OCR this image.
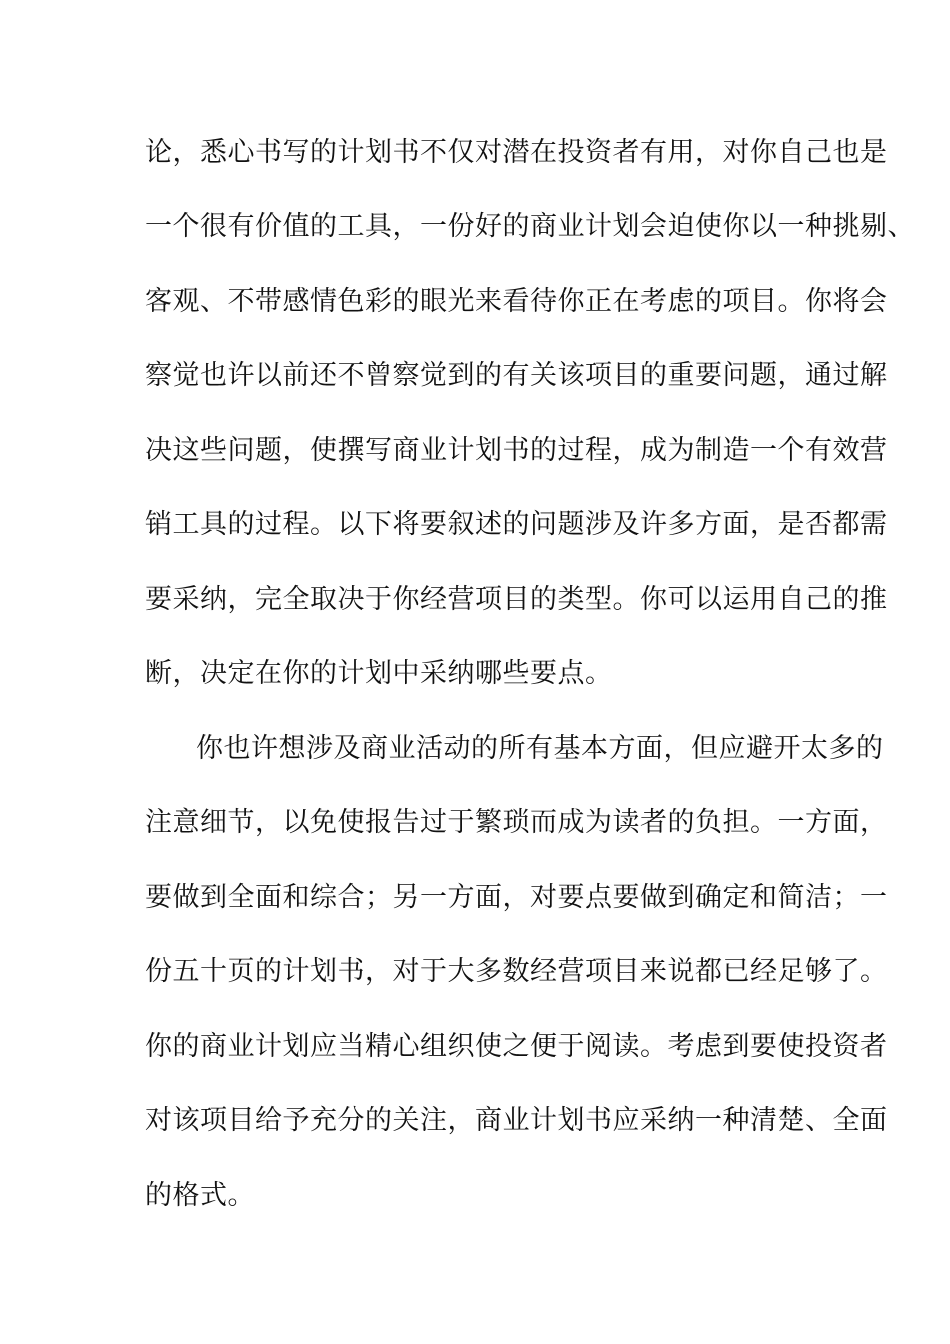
论，悉心书写的计划书不仅对潜在投资者有用，对你自己也是
一个很有价值的工具，一份好的商业计划会迫使你以一种挑剔、
客观、不带感情色彩的眼光来看待你正在考虑的项目。你将会
察觉也许以前还不曾察觉到的有关该项目的重要问题，通过解
决这些问题，使撰写商业计划书的过程，成为制造一个有效营
销工具的过程。以下将要叙述的问题涉及许多方面，是否都需
要采纳，完全取决于你经营项目的类型。你可以运用自己的推
断，决定在你的计划中采纳哪些要点。
你也许想涉及商业活动的所有基本方面，但应避开太多的
注意细节，以免使报告过于繁琐而成为读者的负担。一方面，
要做到全面和综合；另一方面，对要点要做到确定和简洁；一
份五十页的计划书，对于大多数经营项目来说都已经足够了。
你的商业计划应当精心组织使之便于阅读。考虑到要使投资者
对该项目给予充分的关注，商业计划书应采纳一种清楚、全面
的格式。
